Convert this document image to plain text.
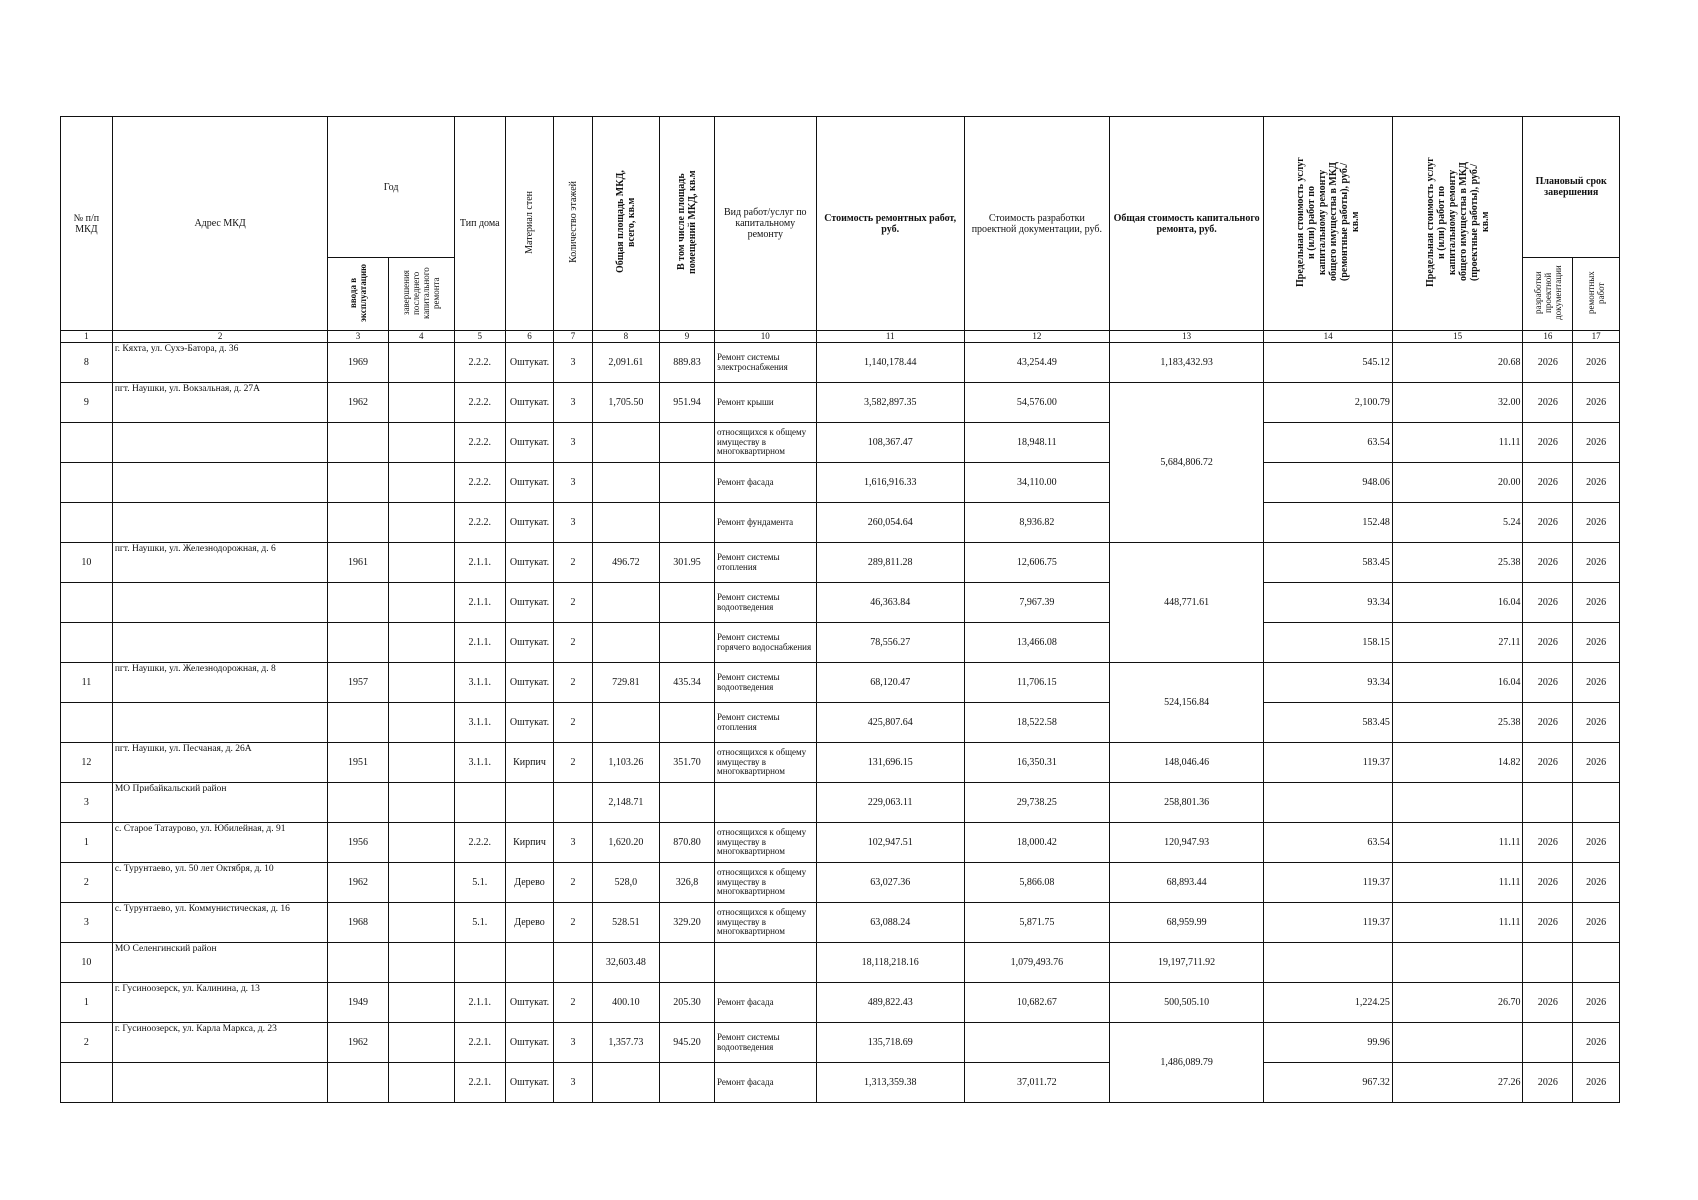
№ п/п МКД	Адрес МКД	Год		Тип дома	Материал стен	Количество этажей	Общая площадь МКД, всего, кв.м	В том числе площадь помещений МКД, кв.м	Вид работ/услуг по капитальному ремонту	Стоимость ремонтных работ, руб.	Стоимость разработки проектной документации, руб.	Общая стоимость капитального ремонта, руб.	Предельная стоимость услуг и (или) работ по капитальному ремонту общего имущества в МКД (ремонтные работы), руб./кв.м	Предельная стоимость услуг и (или) работ по капитальному ремонту общего имущества в МКД (проектные работы), руб./кв.м	Плановый срок завершения	
		ввода в эксплуатацию	завершения последнего капитального ремонта												разработки проектной документации	ремонтных работ
1	2	3	4	5	6	7	8	9	10	11	12	13	14	15	16	17
8	г. Кяхта, ул. Сухэ-Батора, д. 36	1969		2.2.2.	Оштукат.	3	2,091.61	889.83	Ремонт системы электроснабжения	1,140,178.44	43,254.49	1,183,432.93	545.12	20.68	2026	2026
9	пгт. Наушки, ул. Вокзальная, д. 27А	1962		2.2.2.	Оштукат.	3	1,705.50	951.94	Ремонт крыши	3,582,897.35	54,576.00	5,684,806.72	2,100.79	32.00	2026	2026
				2.2.2.	Оштукат.	3			относящихся к общему имуществу в многоквартирном	108,367.47	18,948.11		63.54	11.11	2026	2026
				2.2.2.	Оштукат.	3			Ремонт фасада	1,616,916.33	34,110.00		948.06	20.00	2026	2026
				2.2.2.	Оштукат.	3			Ремонт фундамента	260,054.64	8,936.82		152.48	5.24	2026	2026
10	пгт. Наушки, ул. Железнодорожная, д. 6	1961		2.1.1.	Оштукат.	2	496.72	301.95	Ремонт системы отопления	289,811.28	12,606.75	448,771.61	583.45	25.38	2026	2026
				2.1.1.	Оштукат.	2			Ремонт системы водоотведения	46,363.84	7,967.39		93.34	16.04	2026	2026
				2.1.1.	Оштукат.	2			Ремонт системы горячего водоснабжения	78,556.27	13,466.08		158.15	27.11	2026	2026
11	пгт. Наушки, ул. Железнодорожная, д. 8	1957		3.1.1.	Оштукат.	2	729.81	435.34	Ремонт системы водоотведения	68,120.47	11,706.15	524,156.84	93.34	16.04	2026	2026
				3.1.1.	Оштукат.	2			Ремонт системы отопления	425,807.64	18,522.58		583.45	25.38	2026	2026
12	пгт. Наушки, ул. Песчаная, д. 26А	1951		3.1.1.	Кирпич	2	1,103.26	351.70	относящихся к общему имуществу в многоквартирном	131,696.15	16,350.31	148,046.46	119.37	14.82	2026	2026
3	МО Прибайкальский район						2,148.71			229,063.11	29,738.25	258,801.36				
1	с. Старое Татаурово, ул. Юбилейная, д. 91	1956		2.2.2.	Кирпич	3	1,620.20	870.80	относящихся к общему имуществу в многоквартирном	102,947.51	18,000.42	120,947.93	63.54	11.11	2026	2026
2	с. Турунтаево, ул. 50 лет Октября, д. 10	1962		5.1.	Дерево	2	528,0	326,8	относящихся к общему имуществу в многоквартирном	63,027.36	5,866.08	68,893.44	119.37	11.11	2026	2026
3	с. Турунтаево, ул. Коммунистическая, д. 16	1968		5.1.	Дерево	2	528.51	329.20	относящихся к общему имуществу в многоквартирном	63,088.24	5,871.75	68,959.99	119.37	11.11	2026	2026
10	МО Селенгинский район						32,603.48			18,118,218.16	1,079,493.76	19,197,711.92				
1	г. Гусиноозерск, ул. Калинина, д. 13	1949		2.1.1.	Оштукат.	2	400.10	205.30	Ремонт фасада	489,822.43	10,682.67	500,505.10	1,224.25	26.70	2026	2026
2	г. Гусиноозерск, ул. Карла Маркса, д. 23	1962		2.2.1.	Оштукат.	3	1,357.73	945.20	Ремонт системы водоотведения	135,718.69		1,486,089.79	99.96			2026
				2.2.1.	Оштукат.	3			Ремонт фасада	1,313,359.38	37,011.72		967.32	27.26	2026	2026
